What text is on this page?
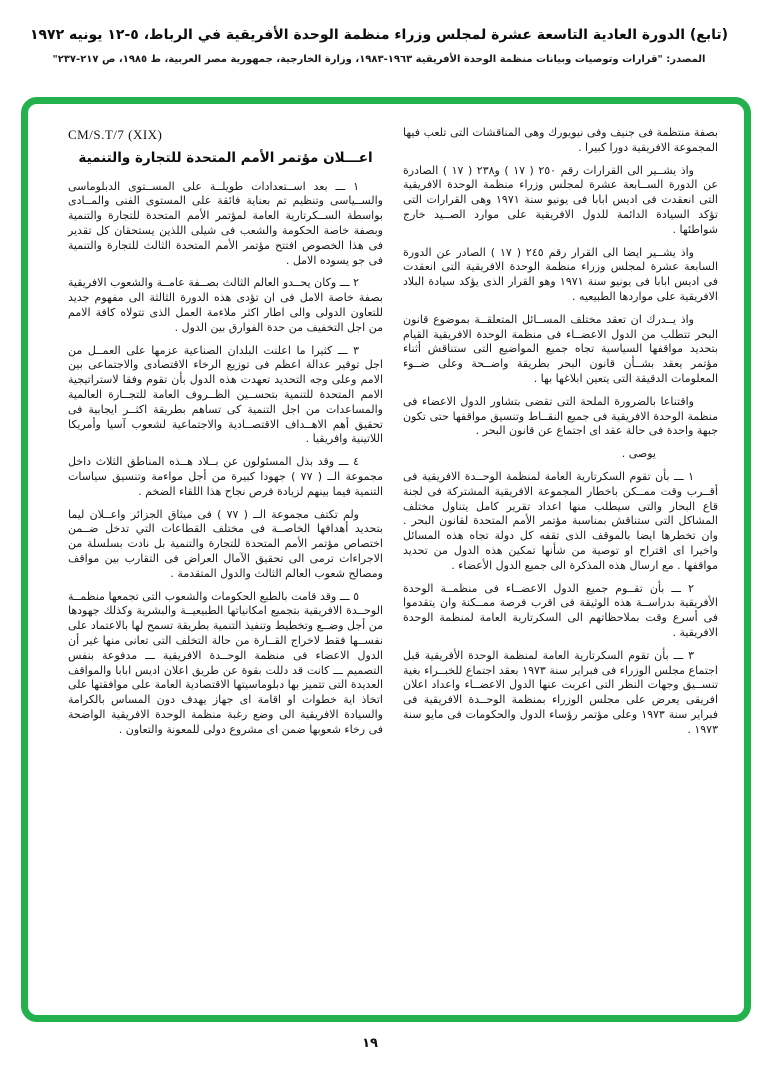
(تابع) الدورة العادية التاسعة عشرة لمجلس وزراء منظمة الوحدة الأفريقية في الرباط، ٥-١٢ يونيه ١٩٧٢
المصدر: "قرارات وتوصيات وبيانات منظمة الوحدة الأفريقية ١٩٦٣-١٩٨٣، وزارة الخارجية، جمهورية مصر العربية، ط ١٩٨٥، ص ٢١٧-٢٣٧"

بصفة منتظمة فى جنيف وفى نيويورك وهى المناقشات التى تلعب فيها المجموعة الافريقية دورا كبيرا .

واذ يشــير الى القرارات رقم ٢٥٠ ( ١٧ ) و٢٣٨ ( ١٧ ) الصادرة عن الدورة الســابعة عشرة لمجلس وزراء منظمة الوحدة الافريقية التى انعقدت فى اديس ابابا فى يونيو سنة ١٩٧١ وهى القرارات التى تؤكد السيادة الدائمة للدول الافريقية على موارد الصــيد خارج شواطئها .

واذ يشــير ايضا الى القرار رقم ٢٤٥ ( ١٧ ) الصادر عن الدورة السابعة عشرة لمجلس وزراء منظمة الوحدة الافريقية التى انعقدت فى اديس ابابا فى يونيو سنة ١٩٧١ وهو القرار الذى يؤكد سيادة البلاد الافريقية على مواردها الطبيعيه .

واذ يــدرك ان تعقد مختلف المســائل المتعلقــة بموضوع قانون البحر تتطلب من الدول الاعضــاء فى منظمة الوحدة الافريقية القيام بتحديد مواقفها السياسية تجاه جميع المواضيع التى ستناقش أثناء مؤتمر يعقد بشــأن قانون البحر بطريقة واضــحة وعلى ضــوء المعلومات الدقيقة التى يتعين ابلاغها بها .

واقتناعا بالضرورة الملحة التى تقضى بتشاور الدول الاعضاء فى منظمة الوحدة الافريقية فى جميع النقــاط وتنسيق مواقفها حتى تكون جبهة واحدة فى حالة عقد اى اجتماع عن قانون البحر .

يوصى .

١ ـــ بأن تقوم السكرتارية العامة لمنظمة الوحــدة الافريقية فى أقــرب وقت ممــكن باخطار المجموعة الافريقية المشتركة فى لجنة قاع البحار والتى سيطلب منها اعداد تقرير كامل يتناول مختلف المشاكل التى ستناقش بمناسبة مؤتمر الأمم المتحدة لقانون البحر . وان تخطرها ايضا بالموقف الذى تقفه كل دولة تجاه هذه المسائل واخيرا اى اقتراح او توصية من شأنها تمكين هذه الدول من تحديد مواقفها . مع ارسال هذه المذكرة الى جميع الدول الأعضاء .

٢ ـــ بأن تقــوم جميع الدول الاعضــاء فى منظمــة الوحدة الأفريقية بدراســة هذه الوثيقة فى اقرب فرصة ممــكنة وان يتقدموا فى أسرع وقت بملاحظاتهم الى السكرتارية العامة لمنظمة الوحدة الافريقية .

٣ ـــ بأن تقوم السكرتارية العامة لمنظمة الوحدة الأفريقية قبل اجتماع مجلس الوزراء فى فبراير سنة ١٩٧٣ بعقد اجتماع للخبــراء بغية تنســيق وجهات النظر التى اعربت عنها الدول الاعضــاء واعداد اعلان افريقى يعرض على مجلس الوزراء بمنظمة الوحــدة الافريقية فى فبراير سنة ١٩٧٣ وعلى مؤتمر رؤساء الدول والحكومات فى مايو سنة ١٩٧٣ .

CM/S.T/7 (XIX)
اعـــلان مؤتمر الأمم المتحدة للتجارة والتنمية

١ ـــ بعد اســتعدادات طويلــة على المســتوى الدبلوماسى والســياسى وتنظيم تم بعناية فائقة على المستوى الفنى والمــادى بواسطة الســكرتارية العامة لمؤتمر الأمم المتحدة للتجارة والتنمية وبصفة خاصة الحكومة والشعب فى شيلى اللذين يستحقان كل تقدير فى هذا الخصوص افتتح مؤتمر الأمم المتحدة الثالث للتجارة والتنمية فى جو يسوده الامل .

٢ ـــ وكان يحــدو العالم الثالث بصــفة عامــة والشعوب الافريقية بصفة خاصة الامل فى ان تؤدى هذه الدورة الثالثة الى مفهوم جديد للتعاون الدولى والى اطار اكثر ملاءمة العمل الذى تتولاه كافة الامم من اجل التخفيف من حدة الفوارق بين الدول .

٣ ـــ كثيرا ما اعلنت البلدان الصناعية عزمها على العمــل من اجل توفير عدالة اعظم فى توزيع الرخاء الاقتصادى والاجتماعى بين الامم وعلى وجه التحديد تعهدت هذه الدول بأن تقوم وفقا لاستراتيجية الامم المتحدة للتنمية بتحســين الظــروف العامة للتجــارة العالمية والمساعدات من اجل التنمية كى تساهم بطريقة اكثــر ايجابية فى تحقيق أهم الاهــداف الاقتصــادية والاجتماعية لشعوب آسيا وأمريكا اللاتينية وافريقيا .

٤ ـــ وقد بذل المسئولون عن بــلاد هــذه المناطق الثلاث داخل مجموعة الــ ( ٧٧ ) جهودا كبيرة من أجل مواءمة وتنسيق سياسات التنمية فيما بينهم لزيادة فرص نجاح هذا اللقاء الضخم .

ولم تكتف مجموعة الــ ( ٧٧ ) فى ميثاق الجزائر واعــلان ليما بتحديد أهدافها الخاصــة فى مختلف القطاعات التي تدخل ضــمن اختصاص مؤتمر الأمم المتحدة للتجارة والتنمية بل نادت بسلسلة من الاجراءات ترمى الى تحقيق الآمال العراض فى التقارب بين مواقف ومصالح شعوب العالم الثالث والدول المتقدمة .

٥ ـــ وقد قامت بالطبع الحكومات والشعوب التى تجمعها منظمــة الوحــدة الافريقية بتجميع امكانياتها الطبيعيــة والبشرية وكذلك جهودها من أجل وضــع وتخطيط وتنفيذ التنمية بطريقة تسمح لها بالاعتماد على نفســها فقط لاخراج القــارة من حالة التخلف التى تعانى منها غير أن الدول الاعضاء فى منظمة الوحــدة الافريقية ـــ مدفوعة بنفس التصميم ـــ كانت قد دللت بقوة عن طريق اعلان اديس ابابا والمواقف العديدة التى تتميز بها دبلوماسيتها الاقتصادية العامة على موافقتها على اتخاذ اية خطوات او اقامة اى جهاز يهدف دون المساس بالكرامة والسيادة الافريقية الى وضع رغبة منظمة الوحدة الافريقية الواضحة فى رخاء شعوبها ضمن اى مشروع دولى للمعونة والتعاون .

١٩
